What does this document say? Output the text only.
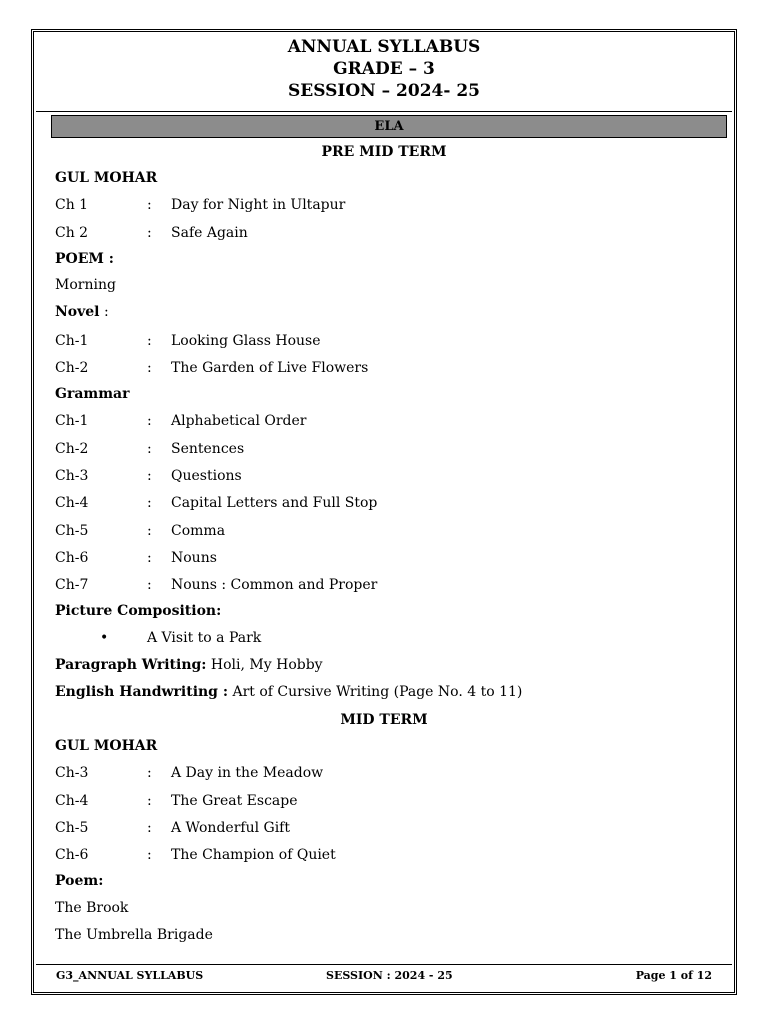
ANNUAL SYLLABUS
GRADE – 3
SESSION – 2024- 25
ELA
PRE MID TERM
GUL MOHAR
Ch 1	: Day for Night in Ultapur
Ch 2	: Safe Again
POEM :
Morning
Novel :
Ch-1	: Looking Glass House
Ch-2	: The Garden of Live Flowers
Grammar
Ch-1	: Alphabetical Order
Ch-2	: Sentences
Ch-3	: Questions
Ch-4	: Capital Letters and Full Stop
Ch-5	: Comma
Ch-6	: Nouns
Ch-7	: Nouns : Common and Proper
Picture Composition:
•	A Visit to a Park
Paragraph Writing: Holi, My Hobby
English Handwriting : Art of Cursive Writing (Page No. 4 to 11)
MID TERM
GUL MOHAR
Ch-3	: A Day in the Meadow
Ch-4	: The Great Escape
Ch-5	: A Wonderful Gift
Ch-6	: The Champion of Quiet
Poem:
The Brook
The Umbrella Brigade
G3_ANNUAL SYLLABUS	SESSION : 2024 - 25	Page 1 of 12
